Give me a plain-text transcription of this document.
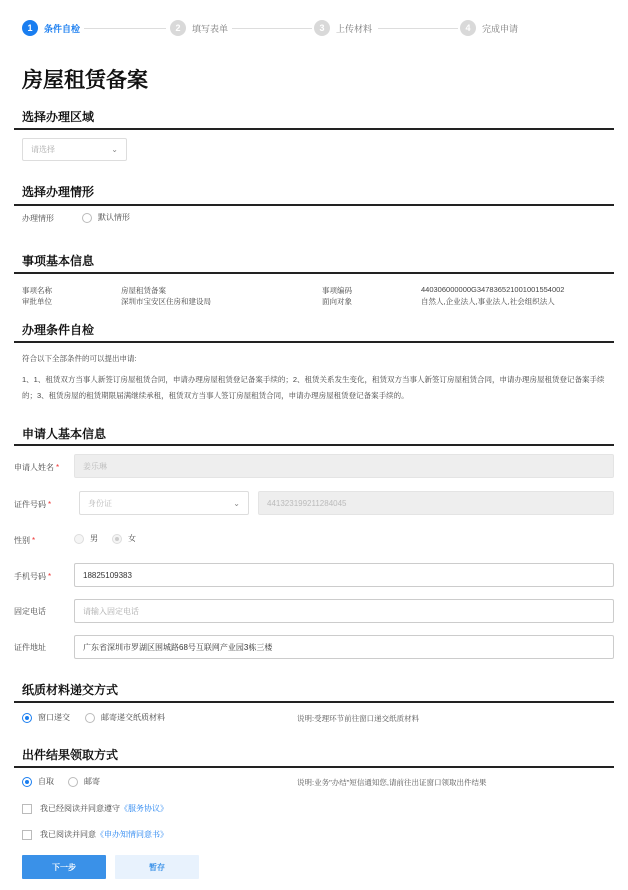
1	条件自检	2	填写表单	3	上传材料	4	完成申请
房屋租赁备案
选择办理区域
请选择	⌄
选择办理情形
办理情形	默认情形
事项基本信息
事项名称	房屋租赁备案	事项编码	440306000000G3478365210010015540​02
审批单位	深圳市宝安区住房和建设局	面向对象	自然人,企业法人,事业法人,社会组织法人
办理条件自检
符合以下全部条件的可以提出申请:
1、1、租赁双方当事人新签订房屋租赁合同，申请办理房屋租赁登记备案手续的；2、租赁关系发生变化，租赁双方当事人新签订房屋租赁合同，申请办理房屋租赁登记备案手续的；3、租赁房屋的租赁期限届满继续承租，租赁双方当事人签订房屋租赁合同，申请办理房屋租赁登记备案手续的。
申请人基本信息
申请人姓名 *	姜乐琳
证件号码 *	身份证	⌄	441323199211284045
性别 *	男	女
手机号码 *	18825109383
固定电话	请输入固定电话
证件地址	广东省深圳市罗湖区围城路68号互联网产业园3栋三楼
纸质材料递交方式
窗口递交	邮寄递交纸质材料	说明:受理环节前往窗口递交纸质材料
出件结果领取方式
自取	邮寄	说明:业务"办结"短信通知您,请前往出证窗口领取出件结果
我已经阅读并同意遵守《服务协议》
我已阅读并同意《申办知情同意书》
下一步	暂存
